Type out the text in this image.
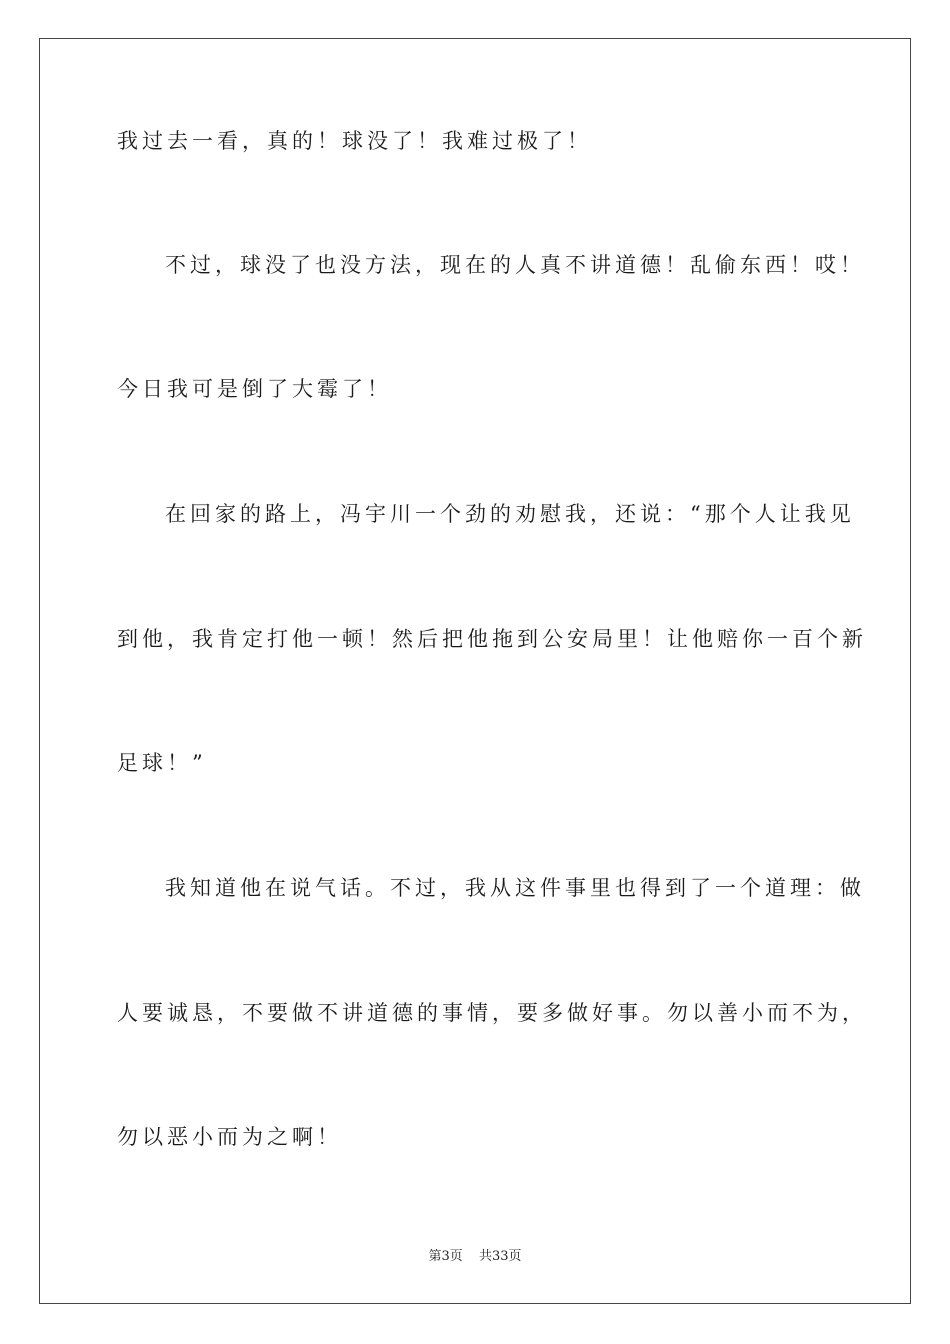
我过去一看，真的！球没了！我难过极了！
不过，球没了也没方法，现在的人真不讲道德！乱偷东西！哎！
今日我可是倒了大霉了！
在回家的路上，冯宇川一个劲的劝慰我，还说：“那个人让我见
到他，我肯定打他一顿！然后把他拖到公安局里！让他赔你一百个新
足球！”
我知道他在说气话。不过，我从这件事里也得到了一个道理：做
人要诚恳，不要做不讲道德的事情，要多做好事。勿以善小而不为，
勿以恶小而为之啊！
第3页 共33页
